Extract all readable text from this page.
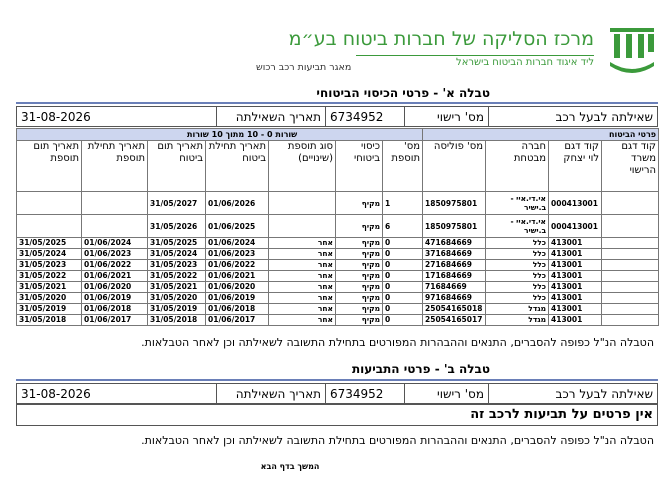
מרכז הסליקה של חברות ביטוח בע״מ
ליד איגוד חברות הביטוח בישראל
מאגר תביעות רכב רכוש
טבלה א' - פרטי הכיסוי הביטוחי
שאילתה לבעל רכב	מס' רישוי	6734952	תאריך השאילתה	31-08-2026
פרטי הביטוח				שורות 0 - 10 מתוך 10 שורות						
קוד דגם משרד הרישוי	קוד דגם לוי יצחק	חברה מבטחת	מס' פוליסה	מס' תוספת	כיסוי ביטוחי	סוג תוספת (שינויים)	תאריך תחילת ביטוח	תאריך תום ביטוח	תאריך תחילת תוספת	תאריך תום תוספת
	000413001	אי.די.איי - ב.ישיר	1850975801	1	מקיף		01/06/2026	31/05/2027		
	000413001	אי.די.איי - ב.ישיר	1850975801	6	מקיף		01/06/2025	31/05/2026		
	413001	כלל	471684669	0	מקיף	אחר	01/06/2024	31/05/2025	01/06/2024	31/05/2025
	413001	כלל	371684669	0	מקיף	אחר	01/06/2023	31/05/2024	01/06/2023	31/05/2024
	413001	כלל	271684669	0	מקיף	אחר	01/06/2022	31/05/2023	01/06/2022	31/05/2023
	413001	כלל	171684669	0	מקיף	אחר	01/06/2021	31/05/2022	01/06/2021	31/05/2022
	413001	כלל	71684669	0	מקיף	אחר	01/06/2020	31/05/2021	01/06/2020	31/05/2021
	413001	כלל	971684669	0	מקיף	אחר	01/06/2019	31/05/2020	01/06/2019	31/05/2020
	413001	מגדל	25054165018	0	מקיף	אחר	01/06/2018	31/05/2019	01/06/2018	31/05/2019
	413001	מגדל	25054165017	0	מקיף	אחר	01/06/2017	31/05/2018	01/06/2017	31/05/2018
הטבלה הנ"ל כפופה להסברים, התנאים וההבהרות המפורטים בתחילת התשובה לשאילתה וכן לאחר הטבלאות.
טבלה ב' - פרטי התביעות
שאילתה לבעל רכב	מס' רישוי	6734952	תאריך השאילתה	31-08-2026
אין פרטים על תביעות לרכב זה
הטבלה הנ"ל כפופה להסברים, התנאים וההבהרות המפורטים בתחילת התשובה לשאילתה וכן לאחר הטבלאות.
המשך בדף הבא
